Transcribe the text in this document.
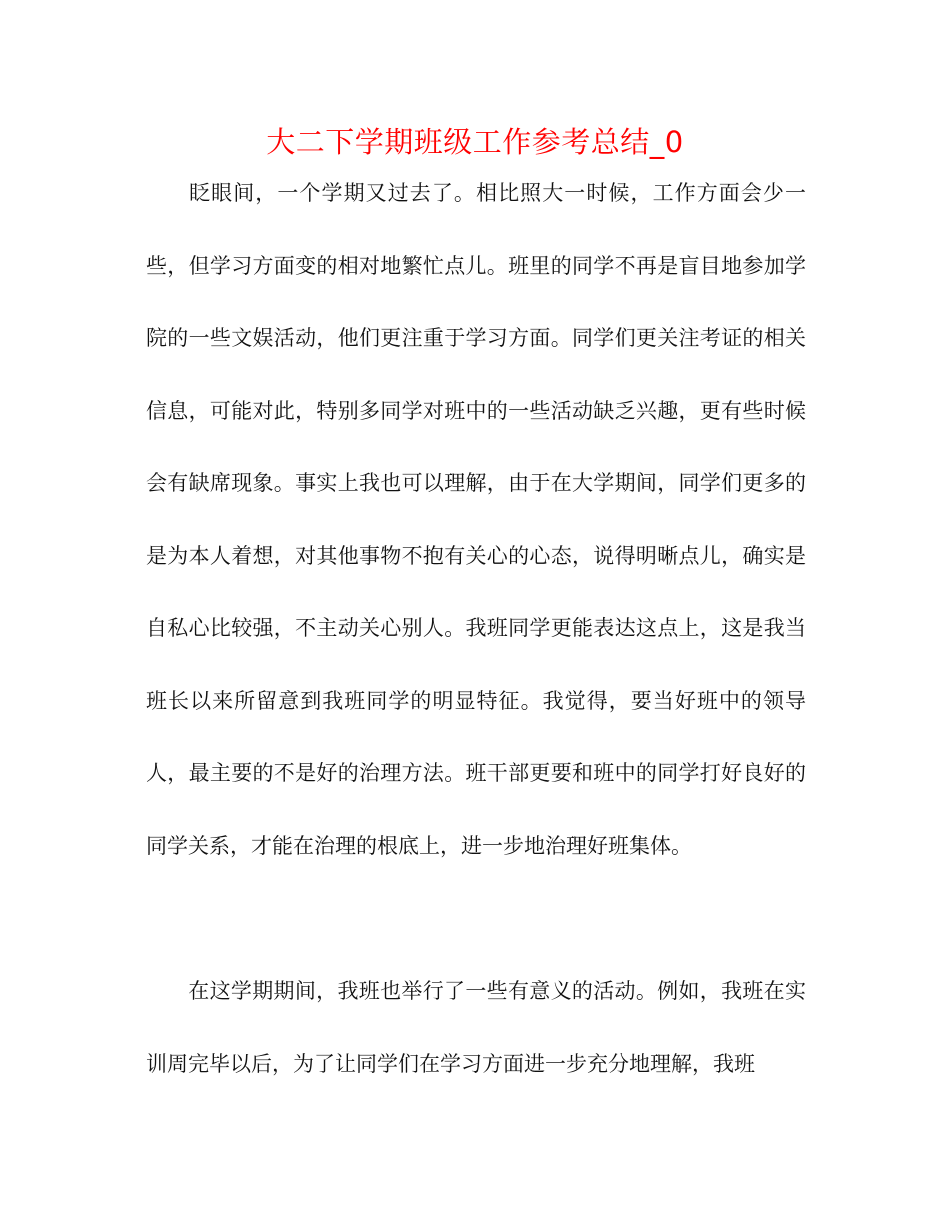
大二下学期班级工作参考总结_0

眨眼间，一个学期又过去了。相比照大一时候，工作方面会少一些，但学习方面变的相对地繁忙点儿。班里的同学不再是盲目地参加学院的一些文娱活动，他们更注重于学习方面。同学们更关注考证的相关信息，可能对此，特别多同学对班中的一些活动缺乏兴趣，更有些时候会有缺席现象。事实上我也可以理解，由于在大学期间，同学们更多的是为本人着想，对其他事物不抱有关心的心态，说得明晰点儿，确实是自私心比较强，不主动关心别人。我班同学更能表达这点上，这是我当班长以来所留意到我班同学的明显特征。我觉得，要当好班中的领导人，最主要的不是好的治理方法。班干部更要和班中的同学打好良好的同学关系，才能在治理的根底上，进一步地治理好班集体。

在这学期期间，我班也举行了一些有意义的活动。例如，我班在实训周完毕以后，为了让同学们在学习方面进一步充分地理解，我班
